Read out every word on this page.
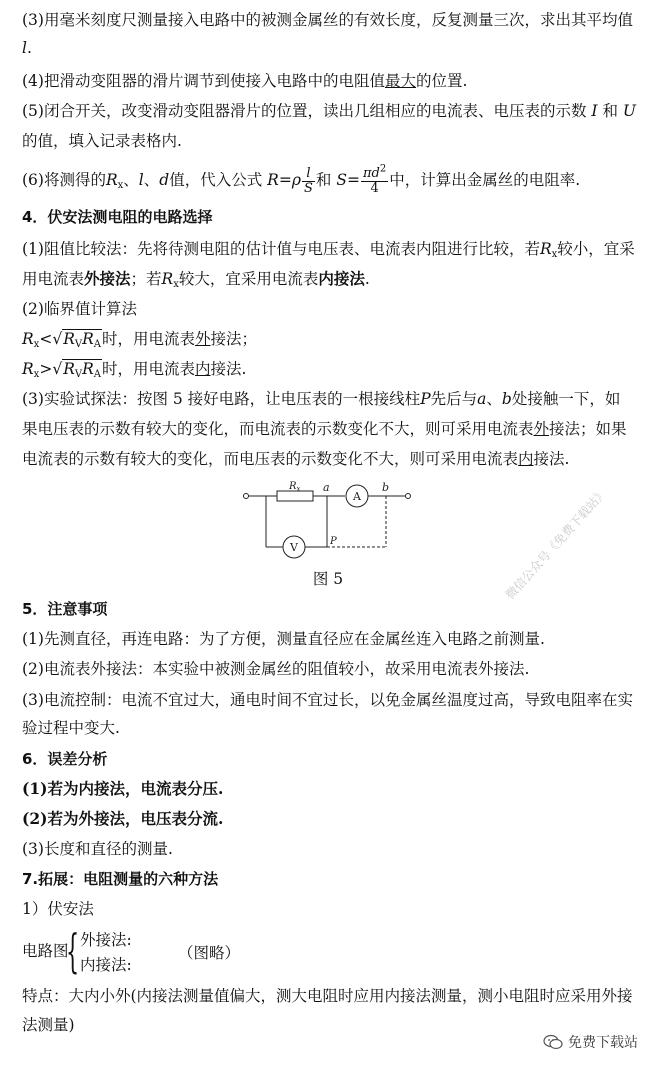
(3)用毫米刻度尺测量接入电路中的被测金属丝的有效长度，反复测量三次，求出其平均值
l.
(4)把滑动变阻器的滑片调节到使接入电路中的电阻值最大的位置.
(5)闭合开关，改变滑动变阻器滑片的位置，读出几组相应的电流表、电压表的示数 I 和 U
的值，填入记录表格内.
(6)将测得的$R_x$、l、d值，代入公式 $R=\rho \frac{l}{S}$ 和 $S= \frac{\pi d^2}{4}$ 中，计算出金属丝的电阻率.
4．伏安法测电阻的电路选择
(1)阻值比较法：先将待测电阻的估计值与电压表、电流表内阻进行比较，若$R_x$较小，宜采
用电流表外接法；若$R_x$较大，宜采用电流表内接法.
(2)临界值计算法
$R_x<√R_VR_A$时，用电流表外接法；
$R_x>√R_VR_A$时，用电流表内接法.
(3)实验试探法：按图 5 接好电路，让电压表的一根接线柱P先后与a、b处接触一下，如
果电压表的示数有较大的变化，而电流表的示数变化不大，则可采用电流表外接法；如果
电流表的示数有较大的变化，而电压表的示数变化不大，则可采用电流表内接法.
$R_x$ a	b
A
V	P
图 5	微信公众号《免费下载站》
5．注意事项
(1)先测直径，再连电路：为了方便，测量直径应在金属丝连入电路之前测量.
(2)电流表外接法：本实验中被测金属丝的阻值较小，故采用电流表外接法.
(3)电流控制：电流不宜过大，通电时间不宜过长，以免金属丝温度过高，导致电阻率在实
验过程中变大.
6．误差分析
(1)若为内接法，电流表分压.
(2)若为外接法，电压表分流.
(3)长度和直径的测量.
7.拓展：电阻测量的六种方法
1）伏安法
电路图
{ 外接法:
内接法:
（图略）
特点：大内小外(内接法测量值偏大，测大电阻时应用内接法测量，测小电阻时应采用外接
法测量)
免费下载站
